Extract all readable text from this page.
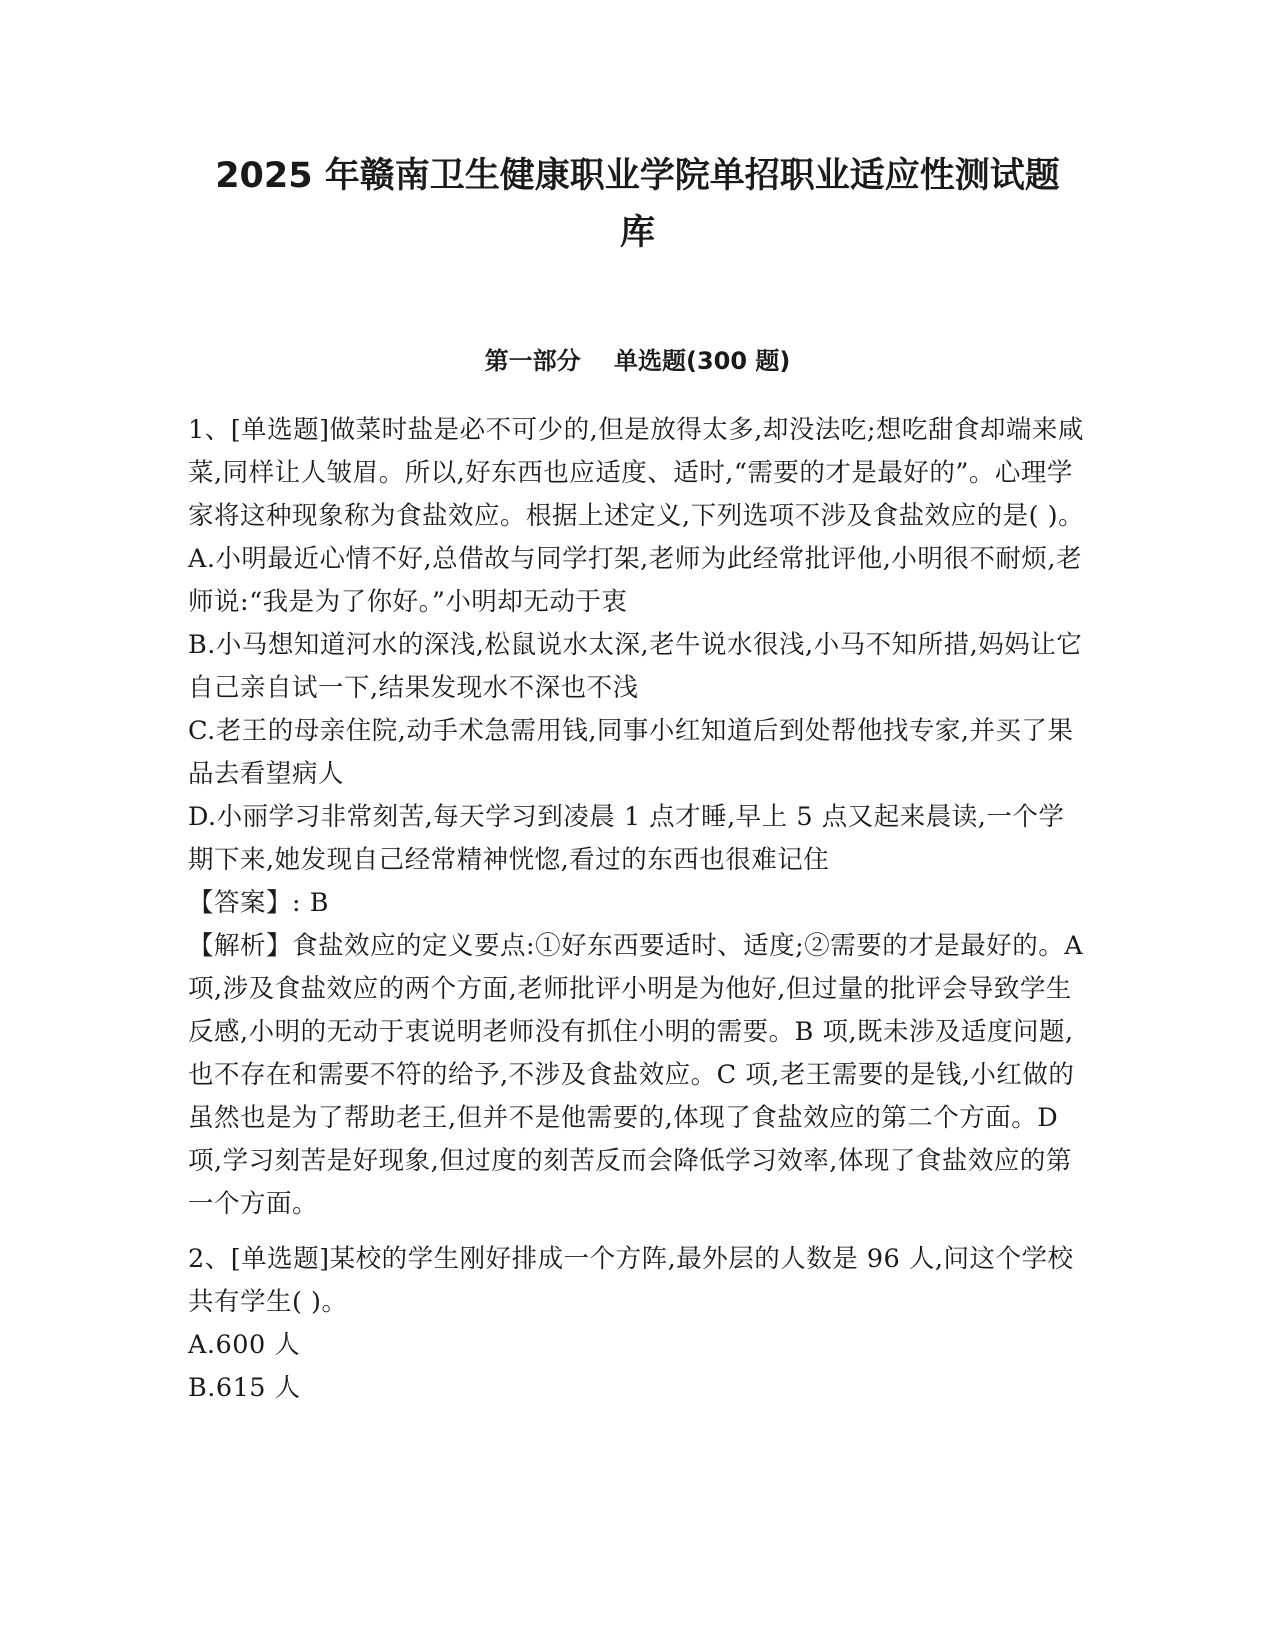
2025 年赣南卫生健康职业学院单招职业适应性测试题
库
第一部分    单选题(300 题)

1、[单选题]做菜时盐是必不可少的,但是放得太多,却没法吃;想吃甜食却端来咸菜,同样让人皱眉。所以,好东西也应适度、适时,“需要的才是最好的”。心理学家将这种现象称为食盐效应。根据上述定义,下列选项不涉及食盐效应的是( )。

A.小明最近心情不好,总借故与同学打架,老师为此经常批评他,小明很不耐烦,老师说:“我是为了你好。”小明却无动于衷

B.小马想知道河水的深浅,松鼠说水太深,老牛说水很浅,小马不知所措,妈妈让它自己亲自试一下,结果发现水不深也不浅

C.老王的母亲住院,动手术急需用钱,同事小红知道后到处帮他找专家,并买了果品去看望病人

D.小丽学习非常刻苦,每天学习到凌晨 1 点才睡,早上 5 点又起来晨读,一个学期下来,她发现自己经常精神恍惚,看过的东西也很难记住

【答案】: B

【解析】食盐效应的定义要点:①好东西要适时、适度;②需要的才是最好的。A 项,涉及食盐效应的两个方面,老师批评小明是为他好,但过量的批评会导致学生反感,小明的无动于衷说明老师没有抓住小明的需要。B 项,既未涉及适度问题,也不存在和需要不符的给予,不涉及食盐效应。C 项,老王需要的是钱,小红做的虽然也是为了帮助老王,但并不是他需要的,体现了食盐效应的第二个方面。D 项,学习刻苦是好现象,但过度的刻苦反而会降低学习效率,体现了食盐效应的第一个方面。

2、[单选题]某校的学生刚好排成一个方阵,最外层的人数是 96 人,问这个学校共有学生( )。

A.600 人

B.615 人
